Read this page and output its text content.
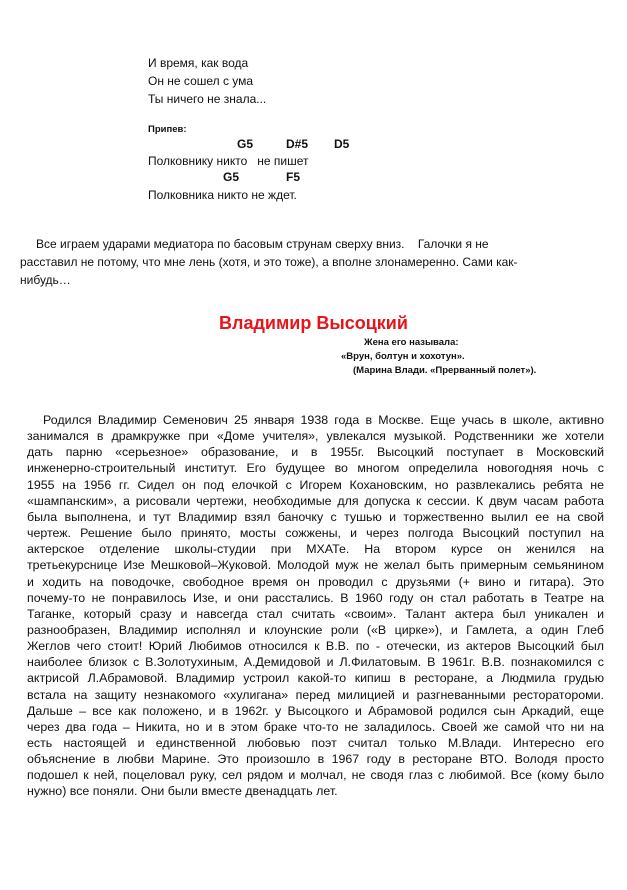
И время, как вода
Он не сошел с ума
Ты ничего не знала...
Припев:
G5	D#5 D5
Полковнику никто   не пишет
G5	F5
Полковника никто не ждет.
Все играем ударами медиатора по басовым струнам сверху вниз.    Галочки я не
расставил не потому, что мне лень (хотя, и это тоже), а вполне злонамеренно. Сами как-
нибудь…
Владимир Высоцкий
Жена его называла:
«Врун, болтун и хохотун».
(Марина Влади. «Прерванный полет»).
Родился Владимир Семенович 25 января 1938 года в Москве. Еще учась в школе, активно
занимался в драмкружке при «Доме учителя», увлекался музыкой. Родственники же хотели
дать парню «серьезное» образование, и в 1955г. Высоцкий поступает в Московский
инженерно-строительный институт. Его будущее во многом определила новогодняя ночь с
1955 на 1956 гг. Сидел он под елочкой с Игорем Кохановским, но развлекались ребята не
«шампанским», а рисовали чертежи, необходимые для допуска к сессии. К двум часам работа
была выполнена, и тут Владимир взял баночку с тушью и торжественно вылил ее на свой
чертеж. Решение было принято, мосты сожжены, и через полгода Высоцкий поступил на
актерское отделение школы-студии при МХАТе. На втором курсе он женился на
третьекурснице Изе Мешковой–Жуковой. Молодой муж не желал быть примерным семьянином
и ходить на поводочке, свободное время он проводил с друзьями (+ вино и гитара). Это
почему-то не понравилось Изе, и они расстались. В 1960 году он стал работать в Театре на
Таганке, который сразу и навсегда стал считать «своим». Талант актера был уникален и
разнообразен, Владимир исполнял и клоунские роли («В цирке»), и Гамлета, а один Глеб
Жеглов чего стоит! Юрий Любимов относился к В.В. по - отечески, из актеров Высоцкий был
наиболее близок с В.Золотухиным, А.Демидовой и Л.Филатовым. В 1961г. В.В. познакомился с
актрисой Л.Абрамовой. Владимир устроил какой-то кипиш в ресторане, а Людмила грудью
встала на защиту незнакомого «хулигана» перед милицией и разгневанными ресторатороми.
Дальше – все как положено, и в 1962г. у Высоцкого и Абрамовой родился сын Аркадий, еще
через два года – Никита, но и в этом браке что-то не заладилось. Своей же самой что ни на
есть настоящей и единственной любовью поэт считал только М.Влади. Интересно его
объяснение в любви Марине. Это произошло в 1967 году в ресторане ВТО. Володя просто
подошел к ней, поцеловал руку, сел рядом и молчал, не сводя глаз с любимой. Все (кому было
нужно) все поняли. Они были вместе двенадцать лет.
